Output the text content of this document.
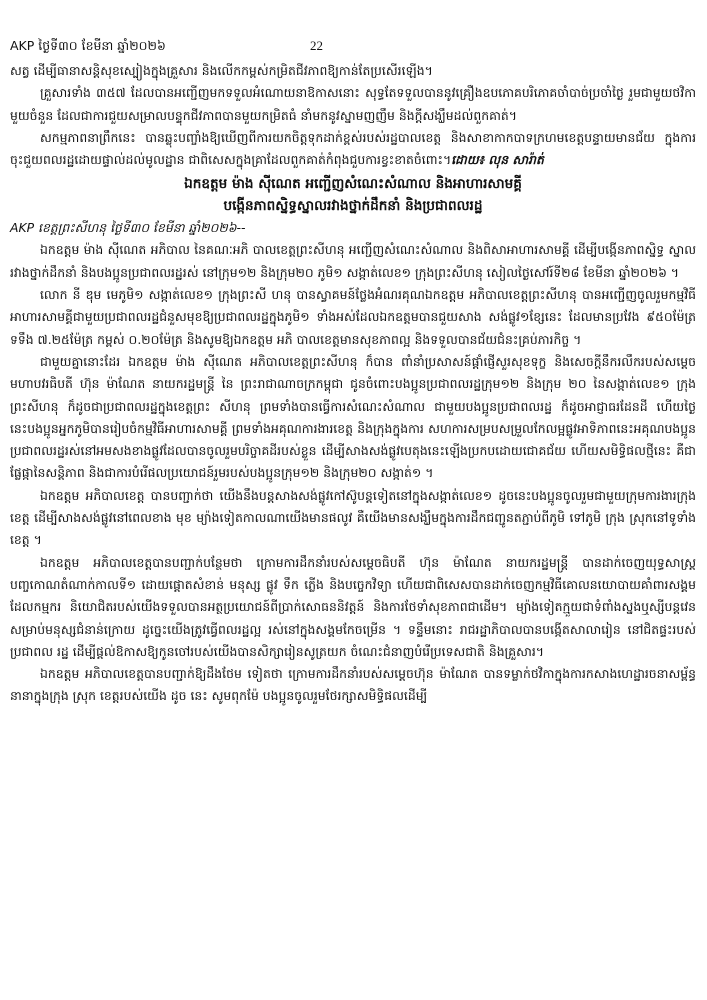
AKP ថ្ងៃទី៣០ ខែមីនា ឆ្នាំ២០២៦	22

សត្វ ដើម្បីធានាសន្តិសុខស្បៀងក្នុងគ្រួសារ និងលើកកម្ពស់កម្រិតជីវភាពឱ្យកាន់តែប្រសើរឡើង។

គ្រួសារទាំង ៣៥៧ ដែលបានអញ្ជើញមកទទួលអំណោយនាឱកាសនោះ សុទ្ធតែទទួលបាននូវគ្រឿងឧបភោគបរិភោគចាំបាច់ប្រចាំថ្ងៃ រួមជាមួយថវិកាមួយចំនួន ដែលជាការជួយសម្រាលបន្ទុកជីវភាពបានមួយកម្រិតធំ នាំមកនូវស្នាមញញឹម និងក្ដីសង្ឃឹមដល់ពួកគាត់។

សកម្មភាពនាព្រឹកនេះ បានឆ្លុះបញ្ចាំងឱ្យឃើញពីការយកចិត្តទុកដាក់ខ្ពស់របស់រដ្ឋបាលខេត្ត និងសាខាកាកបាទក្រហមខេត្តបន្ទាយមានជ័យ ក្នុងការចុះជួយពលរដ្ឋដោយផ្ទាល់ដល់មូលដ្ឋាន ជាពិសេសក្នុងគ្រាដែលពួកគាត់កំពុងជួបការខ្វះខាតចំពោះ។ដោយ៖ លុន សារ៉ាត់

ឯកឧត្តម ម៉ាង ស៊ីណេត អញ្ជើញសំណេះសំណាល និងអាហារសាមគ្គី
បង្កើនភាពស្និទ្ធស្នាលរវាងថ្នាក់ដឹកនាំ និងប្រជាពលរដ្ឋ
AKP ខេត្តព្រះសីហនុ ថ្ងៃទី៣០ ខែមីនា ឆ្នាំ២០២៦--

ឯកឧត្តម ម៉ាង ស៊ីណេត អភិបាល នៃគណៈអភិ បាលខេត្តព្រះសីហនុ អញ្ជើញសំណេះសំណាល និងពិសាអាហារសាមគ្គី ដើម្បីបង្កើនភាពស្និទ្ធ ស្នាលរវាងថ្នាក់ដឹកនាំ និងបងប្អូនប្រជាពលរដ្ឋរស់ នៅក្រុម១២ និងក្រុម២០ ភូមិ១ សង្កាត់លេខ១ ក្រុងព្រះសីហនុ សៀលថ្ងៃសៅរ៍ទី២៨ ខែមីនា ឆ្នាំ២០២៦ ។

លោក នី ឌុម មេភូមិ១ សង្កាត់លេខ១ ក្រុងព្រះសី ហនុ បានស្វាគមន៍ថ្លែងអំណរគុណឯកឧត្តម អភិបាលខេត្តព្រះសីហនុ បានអញ្ជើញចូលរួមកម្មវិធីអាហារសាមគ្គីជាមួយប្រជាពលរដ្ឋជំនួសមុខឱ្យប្រជាពលរដ្ឋក្នុងភូមិ១ ទាំងអស់ដែលឯកឧត្តមបានជួយសាង សង់ផ្លូវ១ខ្សែនេះ ដែលមានប្រវែង ៩៥០ម៉ែត្រ ទទឹង ៧.២៥ម៉ែត្រ កម្ពស់ ០.២០ម៉ែត្រ និងសូមឱ្យឯកឧត្តម អភិ បាលខេត្តមានសុខភាពល្អ និងទទួលបានជ័យជំនះគ្រប់ភារកិច្ច ។

ជាមួយគ្នានោះដែរ ឯកឧត្តម ម៉ាង ស៊ីណេត អភិបាលខេត្តព្រះសីហនុ ក៏បាន ពាំនាំប្រសាសន៍ផ្ដាំផ្ញើសួរសុខទុក្ខ និងសេចក្ដីនឹករលឹករបស់សម្ដេចមហាបវរធិបតី ហ៊ុន ម៉ាណែត នាយករដ្ឋមន្ត្រី នៃ ព្រះរាជាណាចក្រកម្ពុជា ជូនចំពោះបងប្អូនប្រជាពលរដ្ឋក្រុម១២ និងក្រុម ២០ នៃសង្កាត់លេខ១ ក្រុងព្រះសីហនុ ក៏ដូចជាប្រជាពលរដ្ឋក្នុងខេត្តព្រះ សីហនុ ព្រមទាំងបានធ្វើការសំណេះសំណាល ជាមួយបងប្អូនប្រជាពលរដ្ឋ ក៏ដូចអាជ្ញាធរដែនដី ហើយថ្ងៃនេះបងប្អូនអ្នកភូមិបានរៀបចំកម្មវិធីអាហារសាមគ្គី ព្រមទាំងអគុណការងារខេត្ត និងក្រុងក្នុងការ សហការសម្របសម្រួលកែលម្អផ្លូវអាទិភាពនេះអគុណបងប្អូនប្រជាពលរដ្ឋរស់នៅអមសងខាងផ្លូវដែលបានចូលរួមបរិច្ចាគដីរបស់ខ្លួន ដើម្បីសាងសង់ផ្លូវបេតុងនេះឡើងប្រកបដោយជោគជ័យ ហើយសមិទ្ធិផលថ្មីនេះ គឺជាផ្លែផ្កានៃសន្តិភាព និងជាការបំរើផលប្រយោជន៍រួមរបស់បងប្អូនក្រុម១២ និងក្រុម២០ សង្កាត់១ ។

ឯកឧត្តម អភិបាលខេត្ត បានបញ្ជាក់ថា យើងនឹងបន្តសាងសង់ផ្លូវកៅស៊ូបន្តទៀតនៅក្នុងសង្កាត់លេខ១ ដូចនេះបងប្អូនចូលរួមជាមួយក្រុមការងារក្រុង ខេត្ត ដើម្បីសាងសង់ផ្លូវនៅពេលខាង មុខ ម្យ៉ាងទៀតកាលណាយើងមានផលូវ គឺយើងមានសង្ឃឹមក្នុងការដឹកជញ្ជូនតភ្ជាប់ពីភូមិ ទៅភូមិ ក្រុង ស្រុកនៅទូទាំងខេត្ត ។

ឯកឧត្តម អភិបាលខេត្តបានបញ្ជាក់បន្ថែមថា ក្រោមការដឹកនាំរបស់សម្ដេចធិបតី ហ៊ុន ម៉ាណែត នាយករដ្ឋមន្ត្រី បានដាក់ចេញយុទ្ធសាស្ត្របញ្ចកោណតំណាក់កាលទី១ ដោយផ្ដោតសំខាន់ មនុស្ស ផ្លូវ ទឹក ភ្លើង និងបច្ចេកវិទ្យា ហើយជាពិសេសបានដាក់ចេញកម្មវិធីគោលនយោបាយគាំពារសង្គម ដែលកម្មករ និយោជិតរបស់យើងទទួលបានអត្ថប្រយោជន៍ពីប្រាក់សោធននិវត្តន៍ និងការថែទាំសុខភាពជាដើម។ ម្យ៉ាងទៀតក្មួយជាទំពាំងស្នងឬស្សីបន្តវេនសម្រាប់មនុស្សជំនាន់ក្រោយ ដូច្នេះយើងត្រូវធ្វើពលរដ្ឋល្អ រស់នៅក្នុងសង្គមកែចម្រើន ។ ទន្ទឹមនោះ រាជរដ្ឋាភិបាលបានបង្កើតសាលារៀន នៅជិតផ្ទះរបស់ប្រជាពល រដ្ឋ ដើម្បីផ្ដល់ឱកាសឱ្យកូនចៅរបស់យើងបានសិក្សារៀនសូត្រយក ចំណេះជំនាញបំរើប្រទេសជាតិ និងគ្រួសារ។

ឯកឧត្តម អភិបាលខេត្តបានបញ្ជាក់ឱ្យដឹងថែម ទៀតថា ក្រោមការដឹកនាំរបស់សម្ដេចហ៊ុន ម៉ាណែត បានទម្លាក់ថវិកាក្នុងការកសាងហេដ្ឋារចនាសម្ព័ន្ធនានាក្នុងក្រុង ស្រុក ខេត្តរបស់យើង ដូច នេះ សូមពុកម៉ែ បងប្អូនចូលរួមថែរក្សាសមិទ្ធិផលដើម្បី
